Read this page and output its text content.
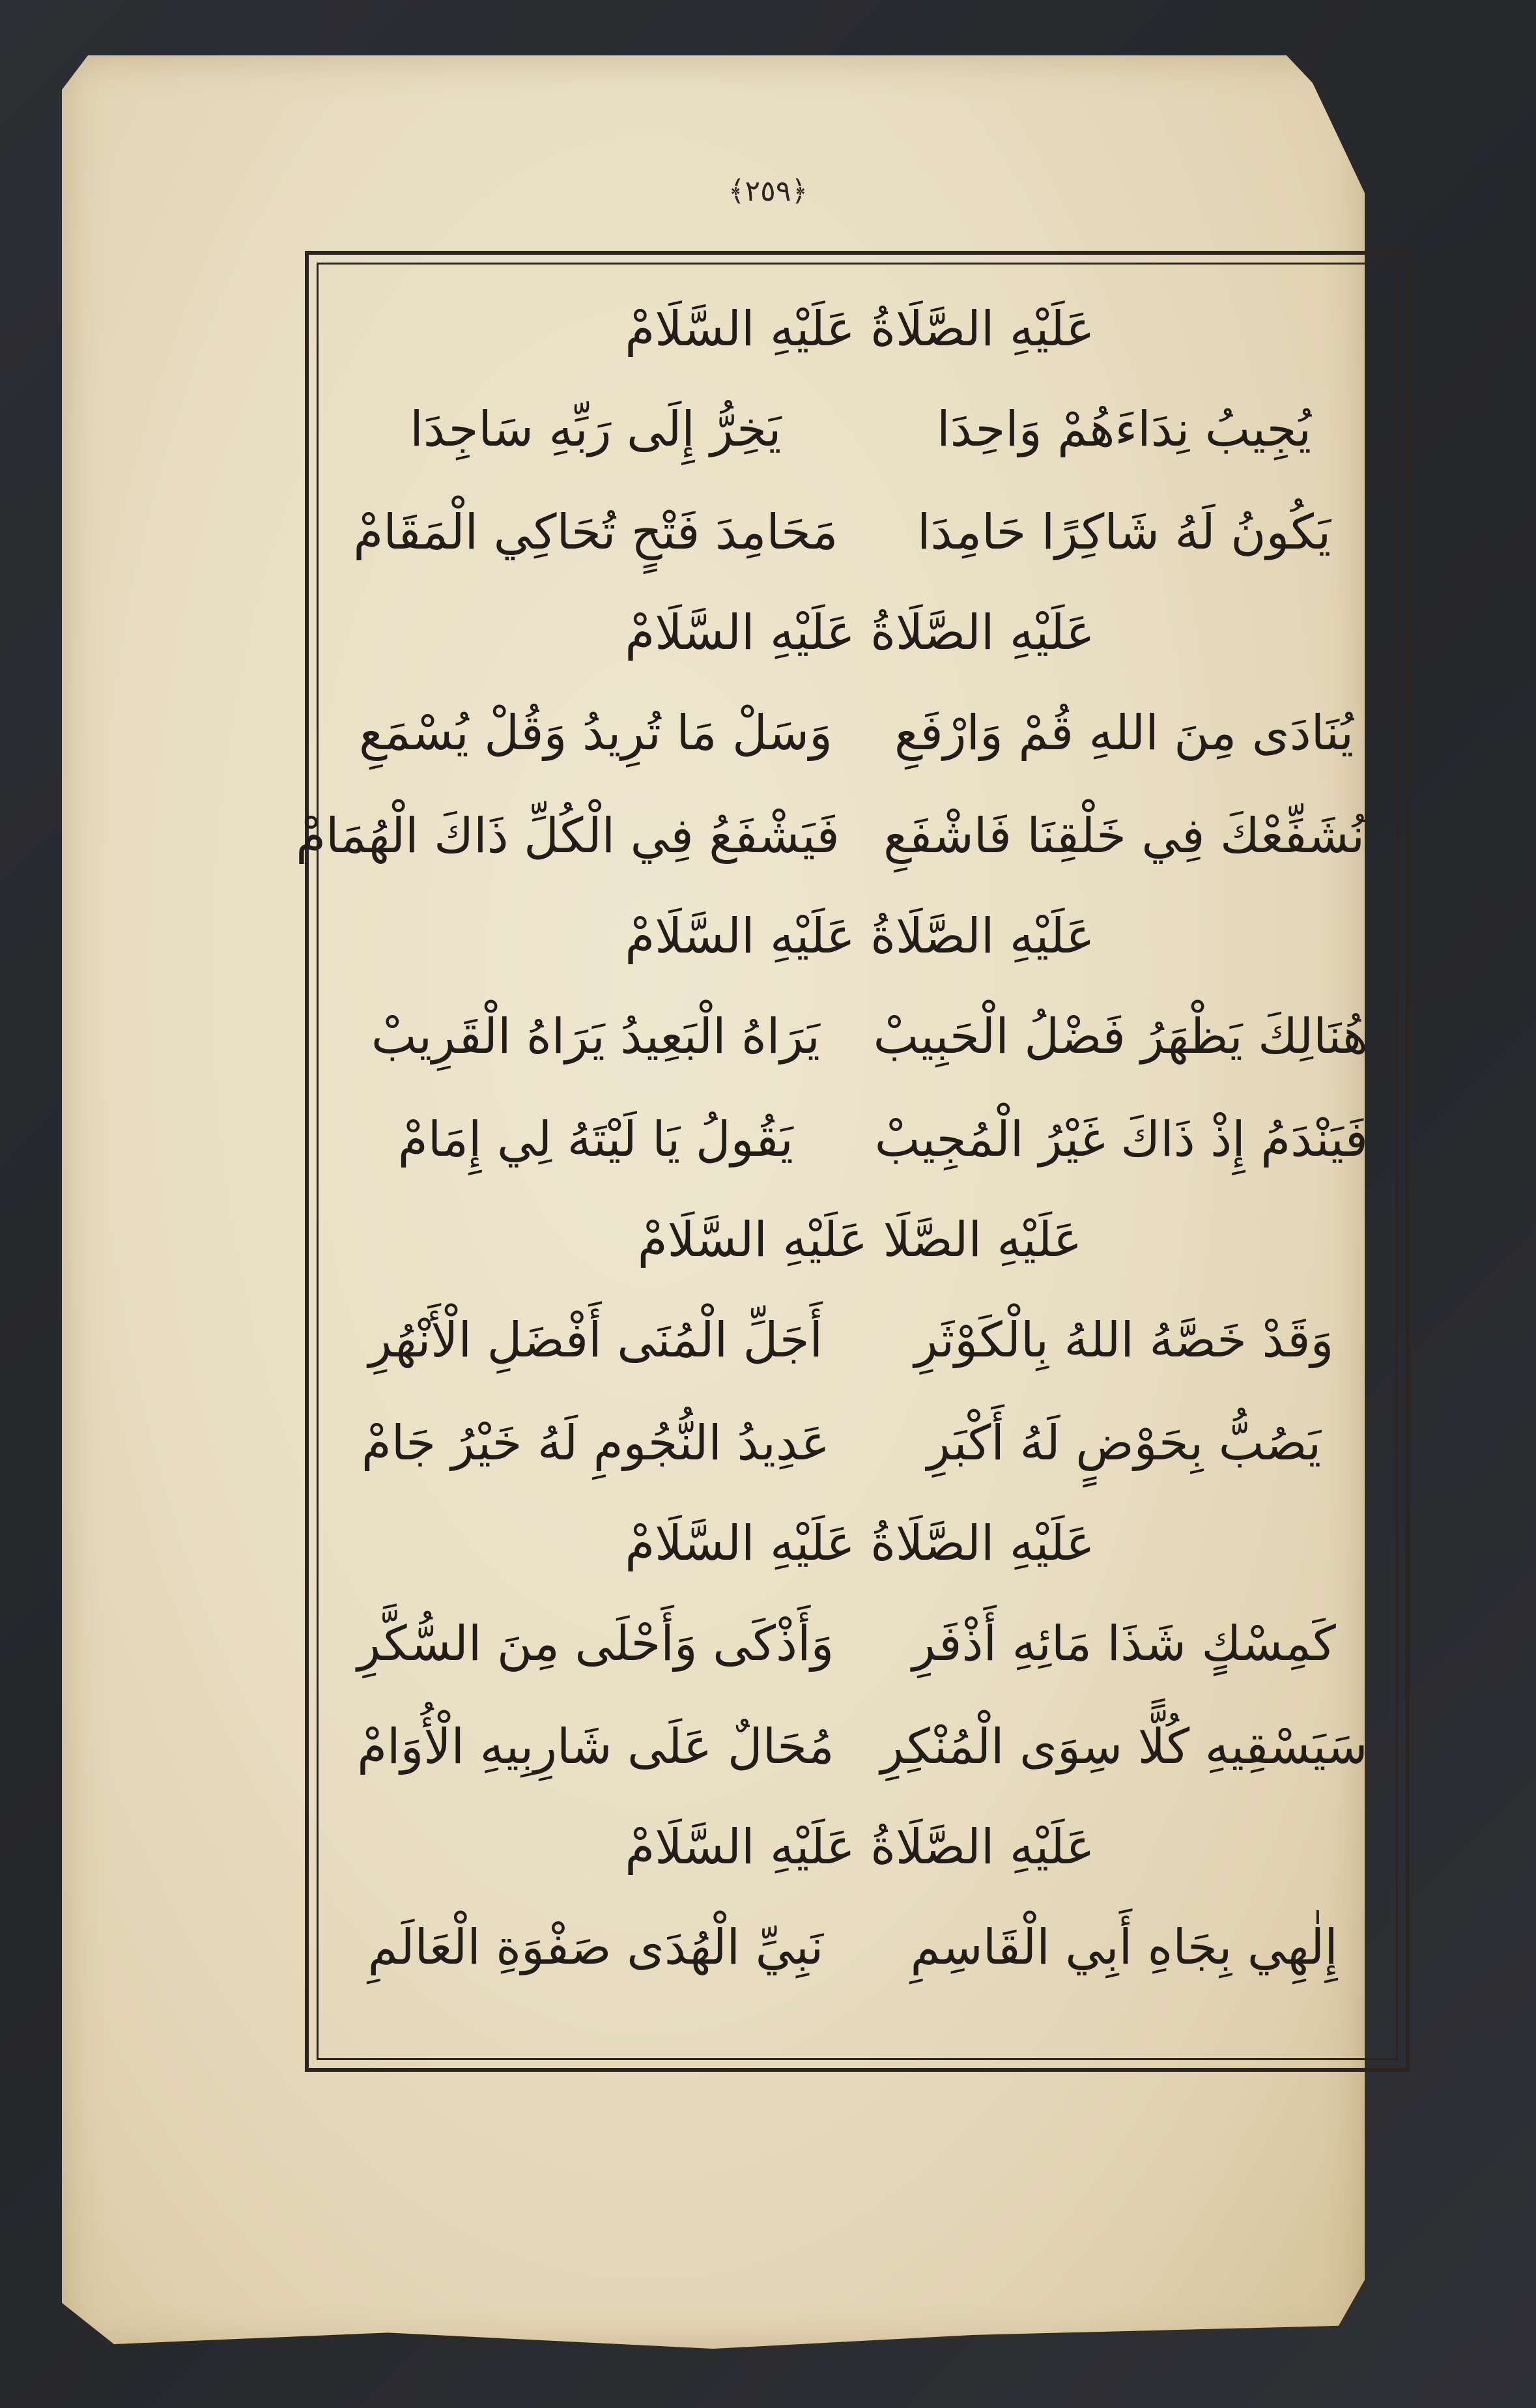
﴾٢٥٩﴿
عَلَيْهِ الصَّلَاةُ عَلَيْهِ السَّلَامْ
يُجِيبُ نِدَاءَهُمْ وَاحِدَا
يَخِرُّ إِلَى رَبِّهِ سَاجِدَا
يَكُونُ لَهُ شَاكِرًا حَامِدَا
مَحَامِدَ فَتْحٍ تُحَاكِي الْمَقَامْ
عَلَيْهِ الصَّلَاةُ عَلَيْهِ السَّلَامْ
يُنَادَى مِنَ اللهِ قُمْ وَارْفَعِ
وَسَلْ مَا تُرِيدُ وَقُلْ يُسْمَعِ
نُشَفِّعْكَ فِي خَلْقِنَا فَاشْفَعِ
فَيَشْفَعُ فِي الْكُلِّ ذَاكَ الْهُمَامْ
عَلَيْهِ الصَّلَاةُ عَلَيْهِ السَّلَامْ
هُنَالِكَ يَظْهَرُ فَضْلُ الْحَبِيبْ
يَرَاهُ الْبَعِيدُ يَرَاهُ الْقَرِيبْ
فَيَنْدَمُ إِذْ ذَاكَ غَيْرُ الْمُجِيبْ
يَقُولُ يَا لَيْتَهُ لِي إِمَامْ
عَلَيْهِ الصَّلَا عَلَيْهِ السَّلَامْ
وَقَدْ خَصَّهُ اللهُ بِالْكَوْثَرِ
أَجَلِّ الْمُنَى أَفْضَلِ الْأَنْهُرِ
يَصُبُّ بِحَوْضٍ لَهُ أَكْبَرِ
عَدِيدُ النُّجُومِ لَهُ خَيْرُ جَامْ
عَلَيْهِ الصَّلَاةُ عَلَيْهِ السَّلَامْ
كَمِسْكٍ شَذَا مَائِهِ أَذْفَرِ
وَأَذْكَى وَأَحْلَى مِنَ السُّكَّرِ
سَيَسْقِيهِ كُلًّا سِوَى الْمُنْكِرِ
مُحَالٌ عَلَى شَارِبِيهِ الْأُوَامْ
عَلَيْهِ الصَّلَاةُ عَلَيْهِ السَّلَامْ
إِلٰهِي بِجَاهِ أَبِي الْقَاسِمِ
نَبِيِّ الْهُدَى صَفْوَةِ الْعَالَمِ
